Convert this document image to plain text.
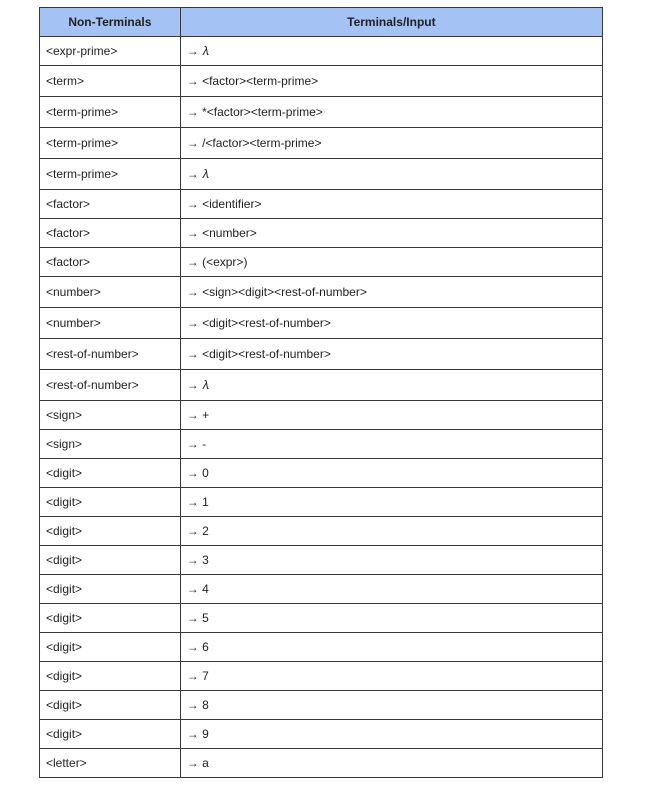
Non-Terminals	Terminals/Input
<expr-prime>	→ 𝜆
<term>	→ <factor><term-prime>
<term-prime>	→ *<factor><term-prime>
<term-prime>	→ /<factor><term-prime>
<term-prime>	→ 𝜆
<factor>	→ <identifier>
<factor>	→ <number>
<factor>	→ (<expr>)
<number>	→ <sign><digit><rest-of-number>
<number>	→ <digit><rest-of-number>
<rest-of-number>	→ <digit><rest-of-number>
<rest-of-number>	→ 𝜆
<sign>	→ +
<sign>	→ -
<digit>	→ 0
<digit>	→ 1
<digit>	→ 2
<digit>	→ 3
<digit>	→ 4
<digit>	→ 5
<digit>	→ 6
<digit>	→ 7
<digit>	→ 8
<digit>	→ 9
<letter>	→ a
